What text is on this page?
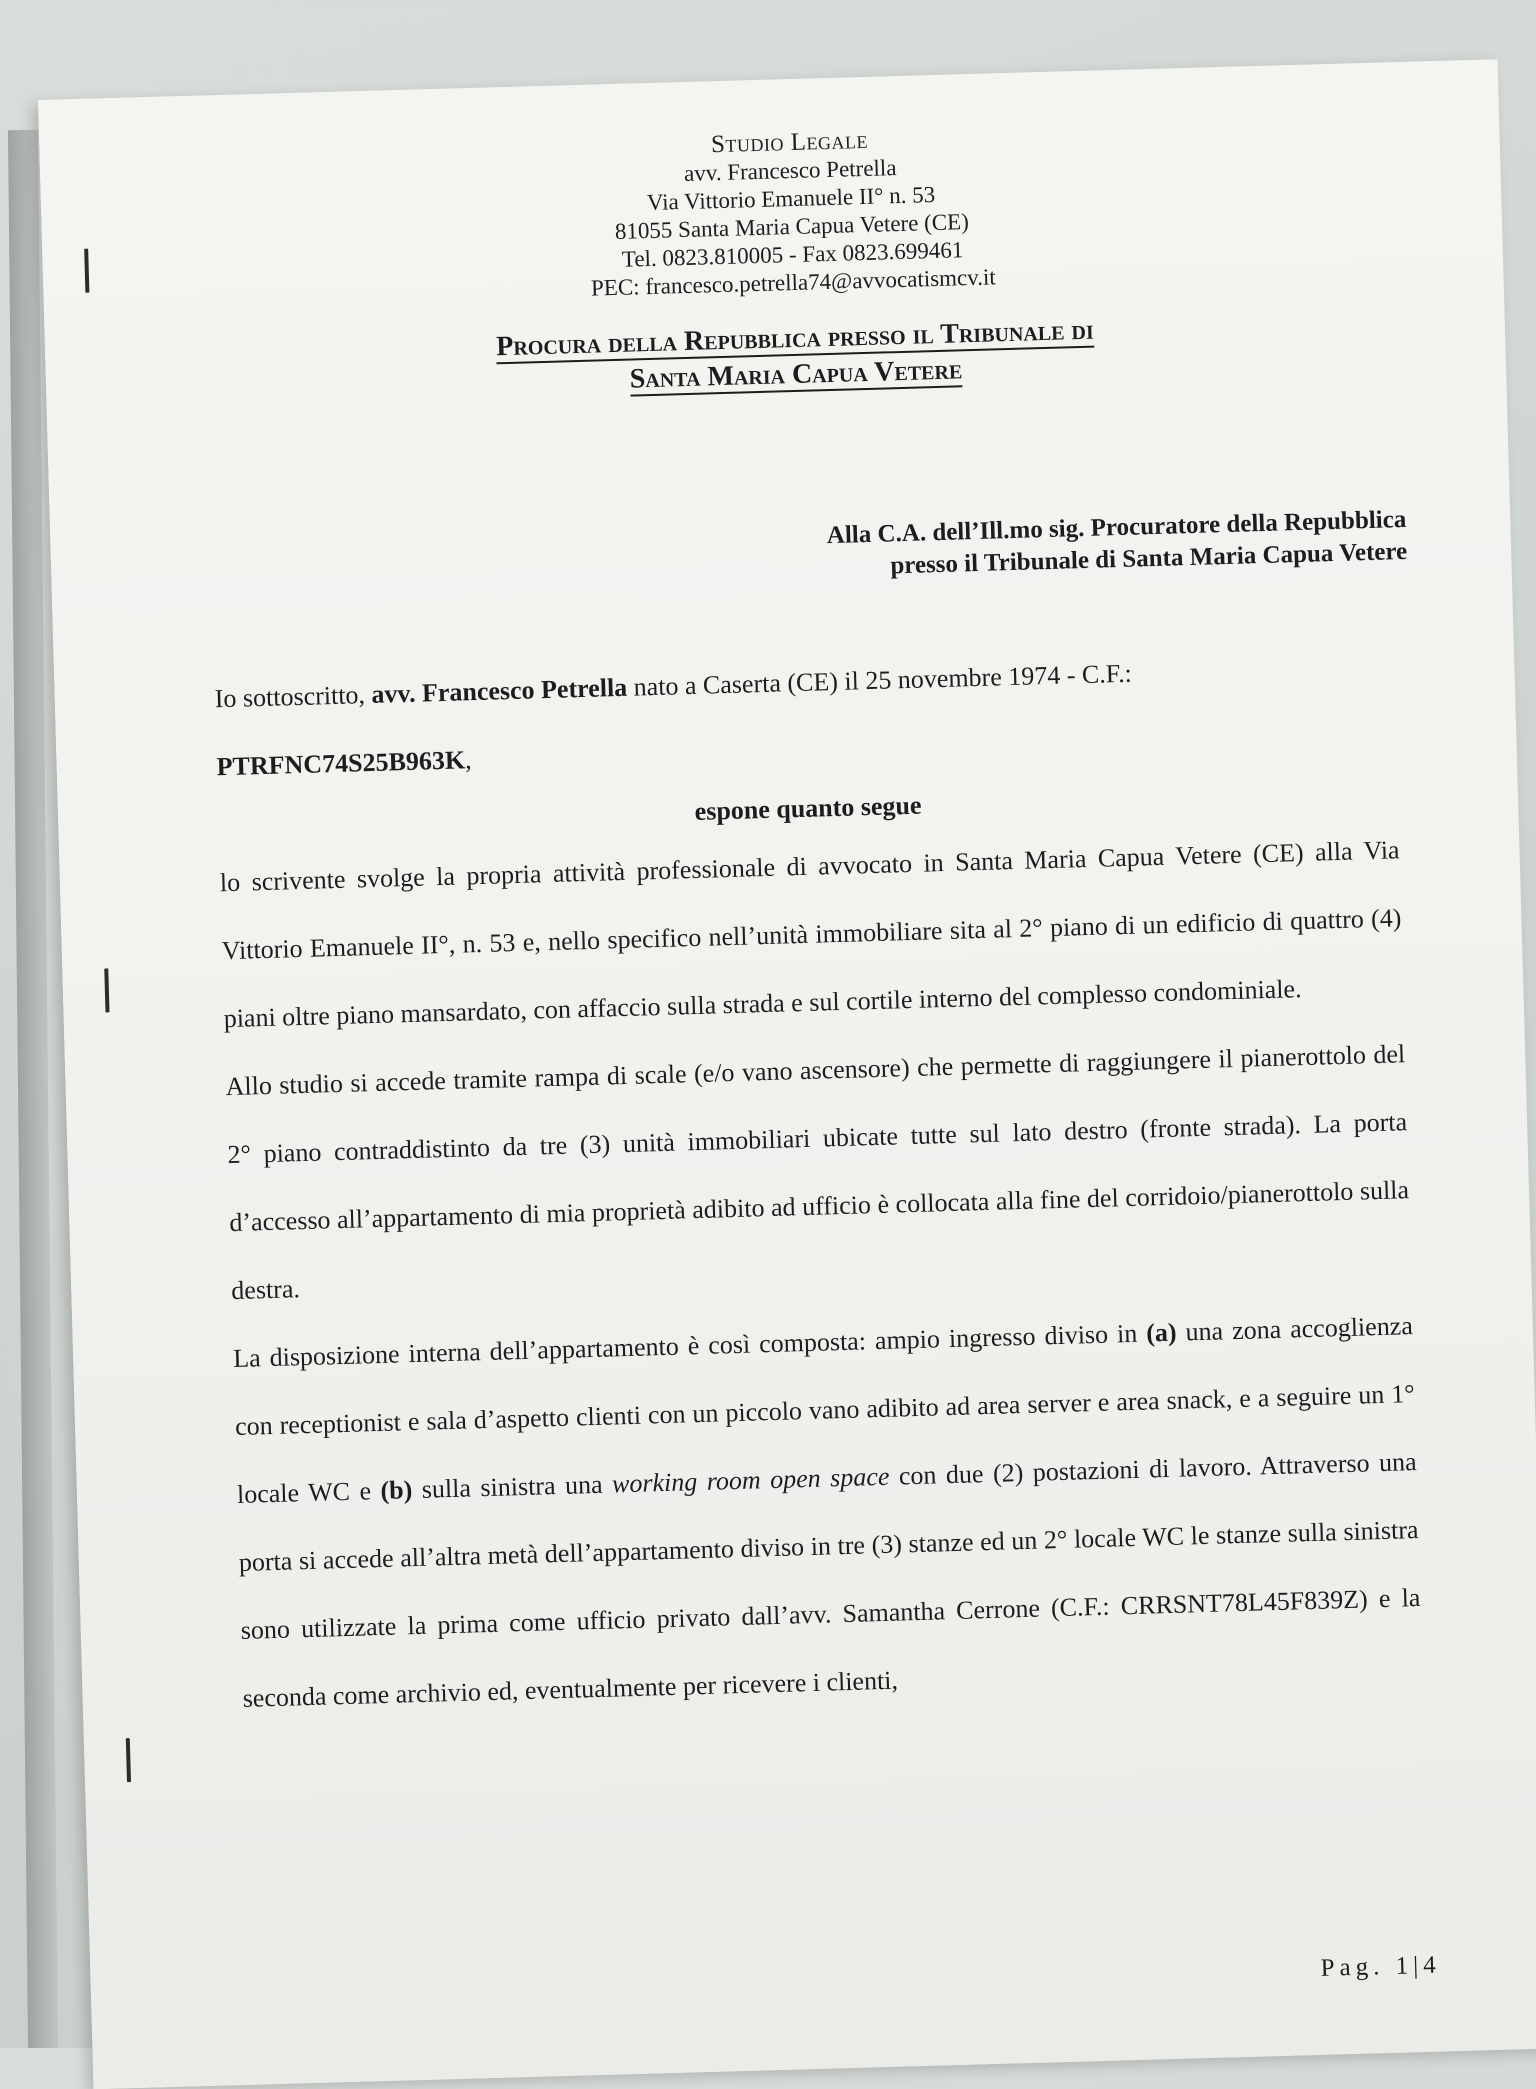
Studio Legale
avv. Francesco Petrella
Via Vittorio Emanuele II° n. 53
81055 Santa Maria Capua Vetere (CE)
Tel. 0823.810005 - Fax 0823.699461
PEC: francesco.petrella74@avvocatismcv.it
Procura della Repubblica presso il Tribunale di
Santa Maria Capua Vetere
Alla C.A. dell’Ill.mo sig. Procuratore della Repubblica
presso il Tribunale di Santa Maria Capua Vetere

Io sottoscritto, avv. Francesco Petrella nato a Caserta (CE) il 25 novembre 1974 - C.F.:
PTRFNC74S25B963K,

espone quanto segue

lo scrivente svolge la propria attività professionale di avvocato in Santa Maria Capua Vetere (CE) alla Via Vittorio Emanuele II°, n. 53 e, nello specifico nell’unità immobiliare sita al 2° piano di un edificio di quattro (4) piani oltre piano mansardato, con affaccio sulla strada e sul cortile interno del complesso condominiale.

Allo studio si accede tramite rampa di scale (e/o vano ascensore) che permette di raggiungere il pianerottolo del 2° piano contraddistinto da tre (3) unità immobiliari ubicate tutte sul lato destro (fronte strada). La porta d’accesso all’appartamento di mia proprietà adibito ad ufficio è collocata alla fine del corridoio/pianerottolo sulla destra.

La disposizione interna dell’appartamento è così composta: ampio ingresso diviso in (a) una zona accoglienza con receptionist e sala d’aspetto clienti con un piccolo vano adibito ad area server e area snack, e a seguire un 1° locale WC e (b) sulla sinistra una working room open space con due (2) postazioni di lavoro. Attraverso una porta si accede all’altra metà dell’appartamento diviso in tre (3) stanze ed un 2° locale WC le stanze sulla sinistra sono utilizzate la prima come ufficio privato dall’avv. Samantha Cerrone (C.F.: CRRSNT78L45F839Z) e la seconda come archivio ed, eventualmente per ricevere i clienti,

Pag. 1|4
